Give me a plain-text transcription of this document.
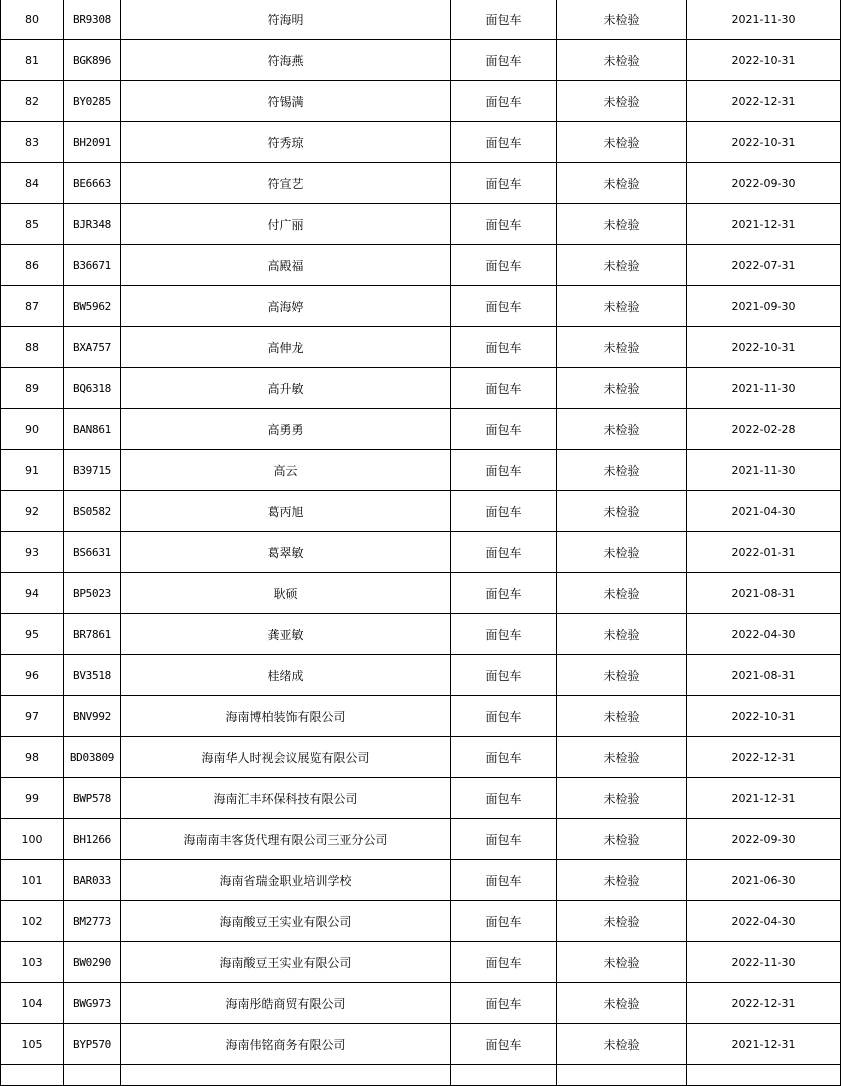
80	BR9308	符海明	面包车	未检验	2021-11-30
81	BGK896	符海燕	面包车	未检验	2022-10-31
82	BY0285	符锡满	面包车	未检验	2022-12-31
83	BH2091	符秀琼	面包车	未检验	2022-10-31
84	BE6663	符宣艺	面包车	未检验	2022-09-30
85	BJR348	付广丽	面包车	未检验	2021-12-31
86	B36671	高殿福	面包车	未检验	2022-07-31
87	BW5962	高海婷	面包车	未检验	2021-09-30
88	BXA757	高伸龙	面包车	未检验	2022-10-31
89	BQ6318	高升敏	面包车	未检验	2021-11-30
90	BAN861	高勇勇	面包车	未检验	2022-02-28
91	B39715	高云	面包车	未检验	2021-11-30
92	BS0582	葛丙旭	面包车	未检验	2021-04-30
93	BS6631	葛翠敏	面包车	未检验	2022-01-31
94	BP5023	耿硕	面包车	未检验	2021-08-31
95	BR7861	龚亚敏	面包车	未检验	2022-04-30
96	BV3518	桂绪成	面包车	未检验	2021-08-31
97	BNV992	海南博柏装饰有限公司	面包车	未检验	2022-10-31
98	BD03809	海南华人时视会议展览有限公司	面包车	未检验	2022-12-31
99	BWP578	海南汇丰环保科技有限公司	面包车	未检验	2021-12-31
100	BH1266	海南南丰客货代理有限公司三亚分公司	面包车	未检验	2022-09-30
101	BAR033	海南省瑞金职业培训学校	面包车	未检验	2021-06-30
102	BM2773	海南酸豆王实业有限公司	面包车	未检验	2022-04-30
103	BW0290	海南酸豆王实业有限公司	面包车	未检验	2022-11-30
104	BWG973	海南彤皓商贸有限公司	面包车	未检验	2022-12-31
105	BYP570	海南伟铭商务有限公司	面包车	未检验	2021-12-31
